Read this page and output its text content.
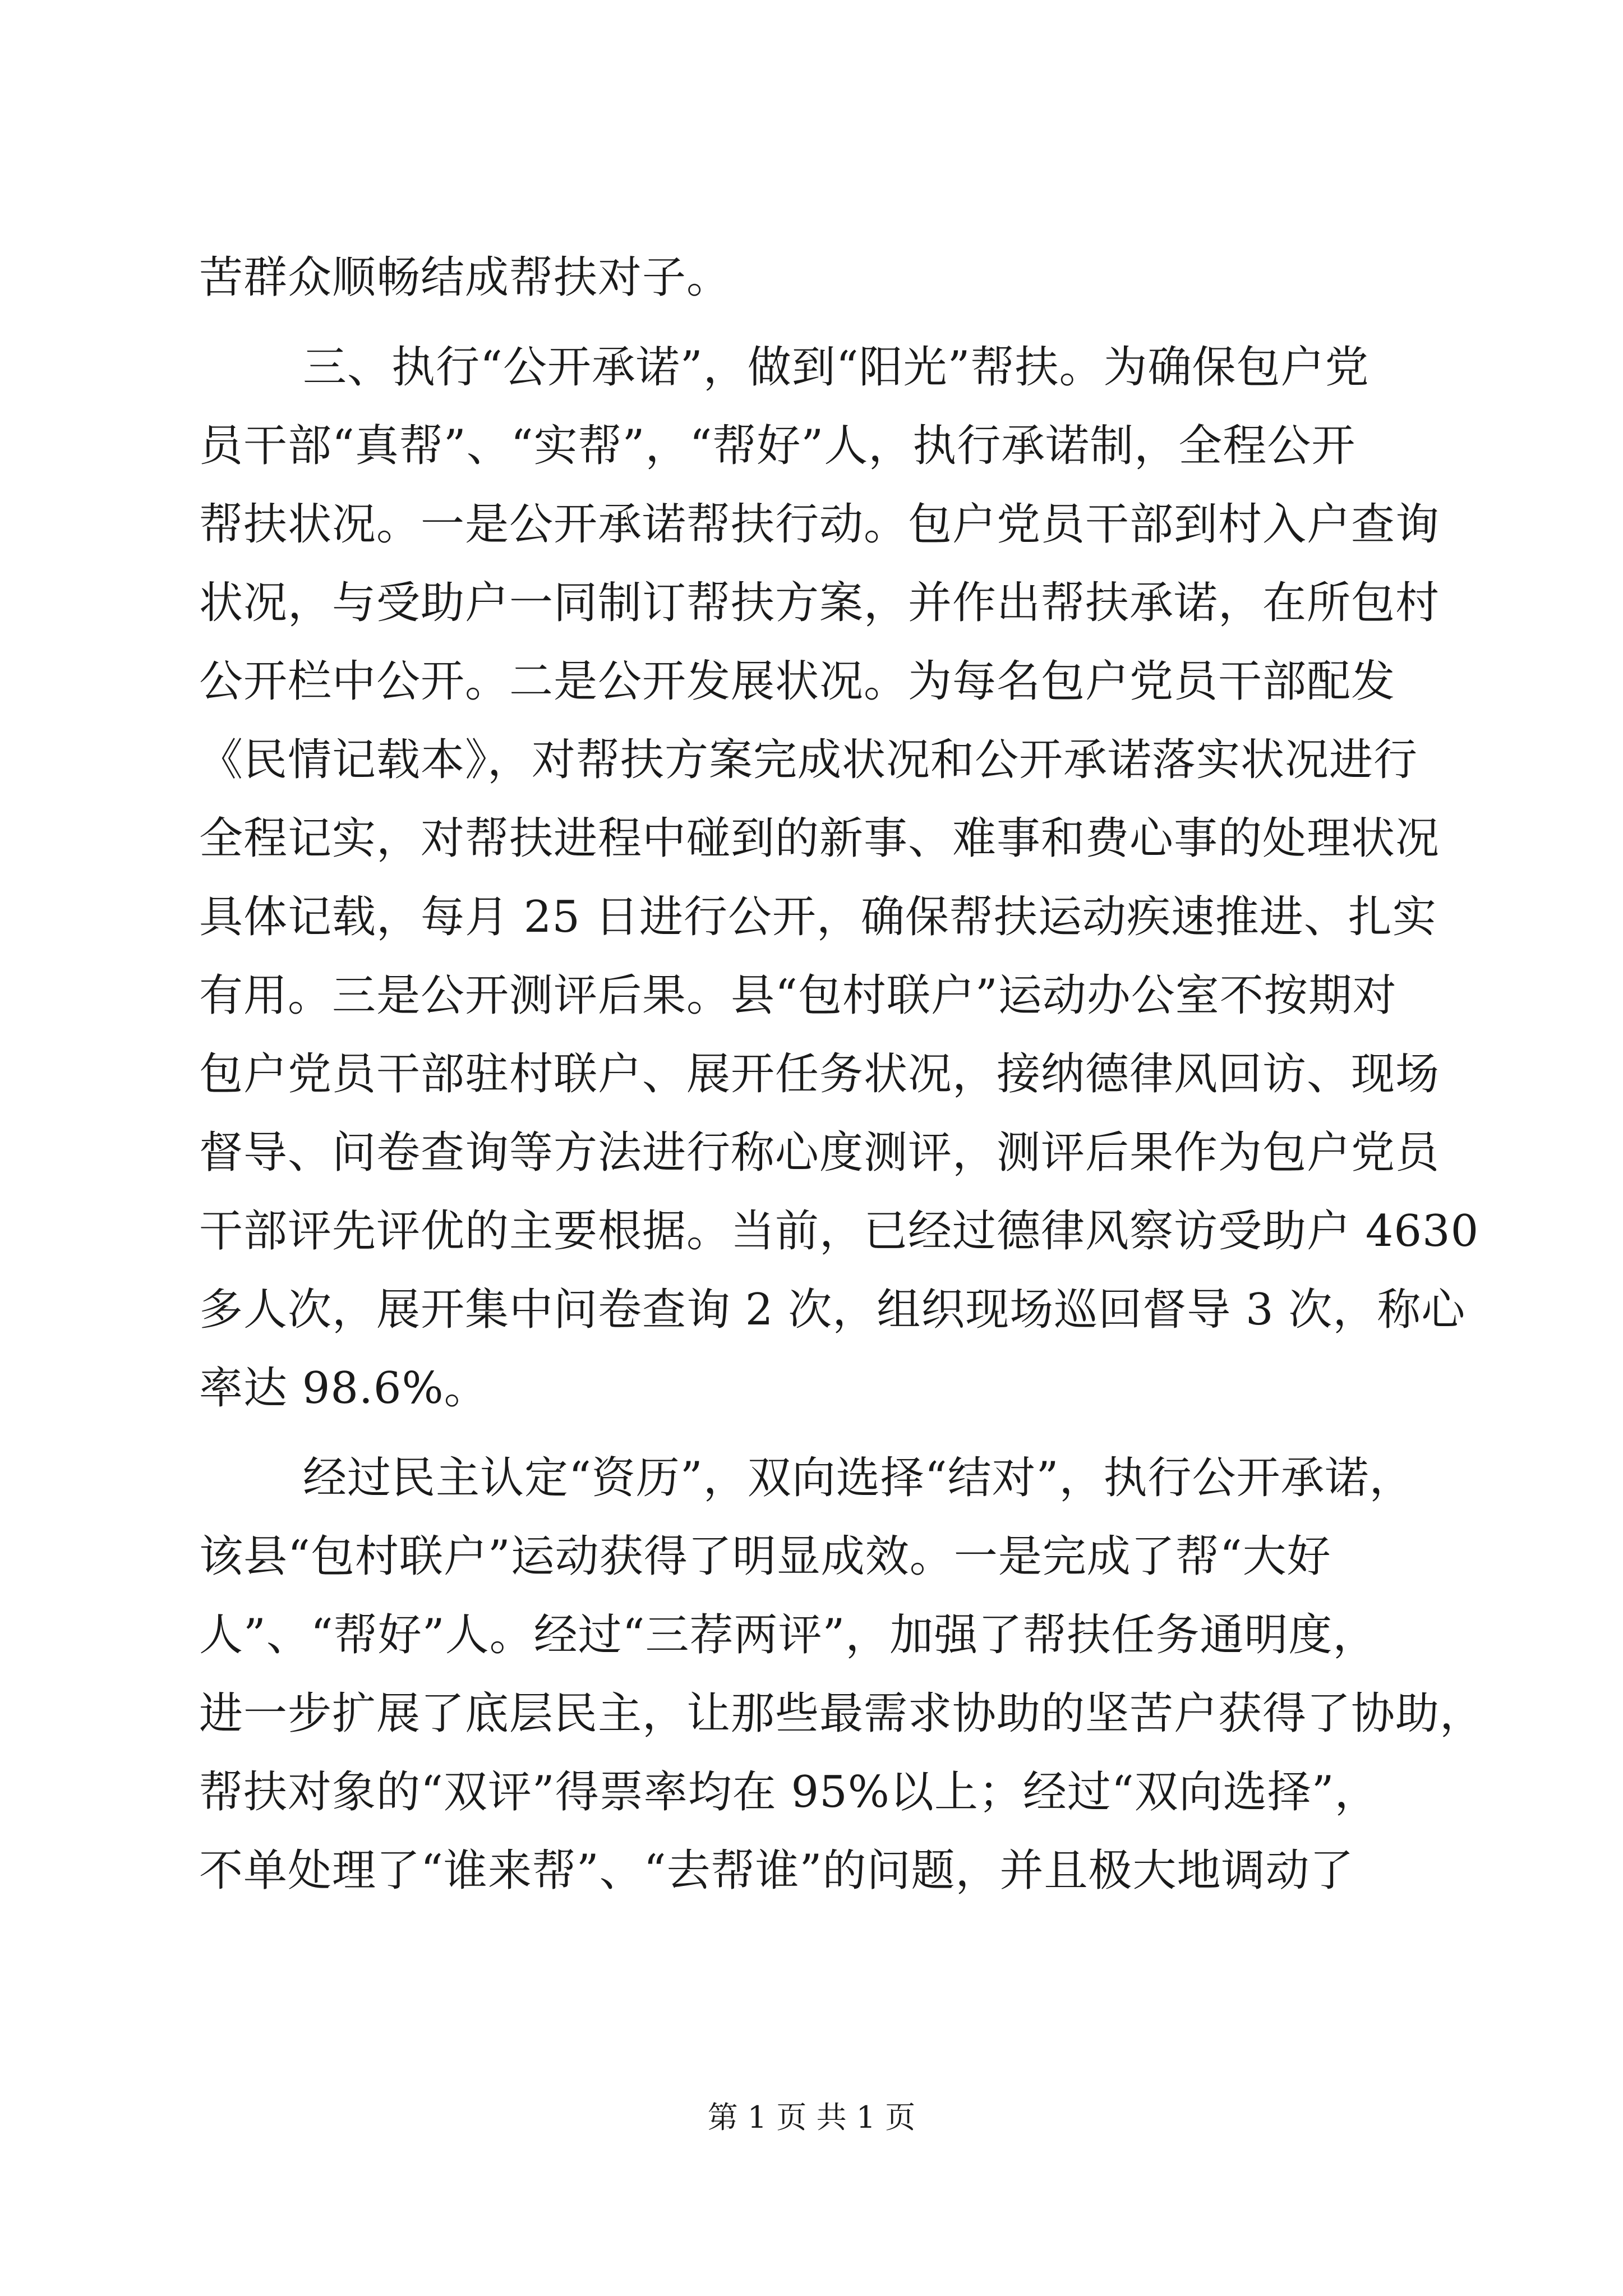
苦群众顺畅结成帮扶对子。
三、执行“公开承诺”，做到“阳光”帮扶。为确保包户党
员干部“真帮”、“实帮”，“帮好”人，执行承诺制，全程公开
帮扶状况。一是公开承诺帮扶行动。包户党员干部到村入户查询
状况，与受助户一同制订帮扶方案，并作出帮扶承诺，在所包村
公开栏中公开。二是公开发展状况。为每名包户党员干部配发
《民情记载本》，对帮扶方案完成状况和公开承诺落实状况进行
全程记实，对帮扶进程中碰到的新事、难事和费心事的处理状况
具体记载，每月 25 日进行公开，确保帮扶运动疾速推进、扎实
有用。三是公开测评后果。县“包村联户”运动办公室不按期对
包户党员干部驻村联户、展开任务状况，接纳德律风回访、现场
督导、问卷查询等方法进行称心度测评，测评后果作为包户党员
干部评先评优的主要根据。当前，已经过德律风察访受助户 4630
多人次，展开集中问卷查询 2 次，组织现场巡回督导 3 次，称心
率达 98.6%。
经过民主认定“资历”，双向选择“结对”，执行公开承诺，
该县“包村联户”运动获得了明显成效。一是完成了帮“大好
人”、“帮好”人。经过“三荐两评”，加强了帮扶任务通明度，
进一步扩展了底层民主，让那些最需求协助的坚苦户获得了协助，
帮扶对象的“双评”得票率均在 95%以上；经过“双向选择”，
不单处理了“谁来帮”、“去帮谁”的问题，并且极大地调动了
第 1 页 共 1 页
